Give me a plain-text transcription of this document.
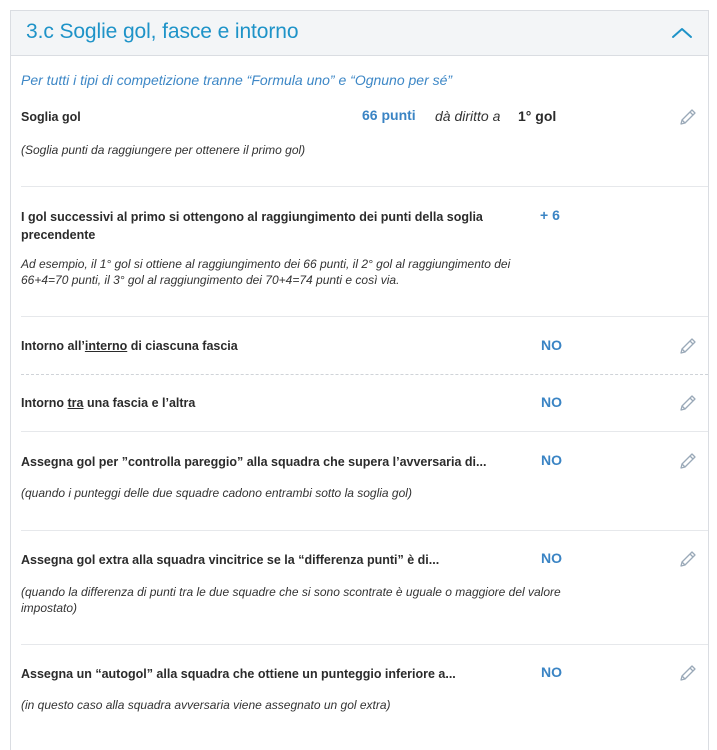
3.c Soglie gol, fasce e intorno
Per tutti i tipi di competizione tranne “Formula uno” e “Ognuno per sé”
Soglia gol	66 punti dà diritto a 1° gol
(Soglia punti da raggiungere per ottenere il primo gol)
I gol successivi al primo si ottengono al raggiungimento dei punti della soglia precendente
+ 6
Ad esempio, il 1° gol si ottiene al raggiungimento dei 66 punti, il 2° gol al raggiungimento dei 66+4=70 punti, il 3° gol al raggiungimento dei 70+4=74 punti e così via.
Intorno all’interno di ciascuna fascia	NO
Intorno tra una fascia e l’altra	NO
Assegna gol per ”controlla pareggio” alla squadra che supera l’avversaria di...	NO
(quando i punteggi delle due squadre cadono entrambi sotto la soglia gol)
Assegna gol extra alla squadra vincitrice se la “differenza punti” è di...	NO
(quando la differenza di punti tra le due squadre che si sono scontrate è uguale o maggiore del valore impostato)
Assegna un “autogol” alla squadra che ottiene un punteggio inferiore a...	NO
(in questo caso alla squadra avversaria viene assegnato un gol extra)
